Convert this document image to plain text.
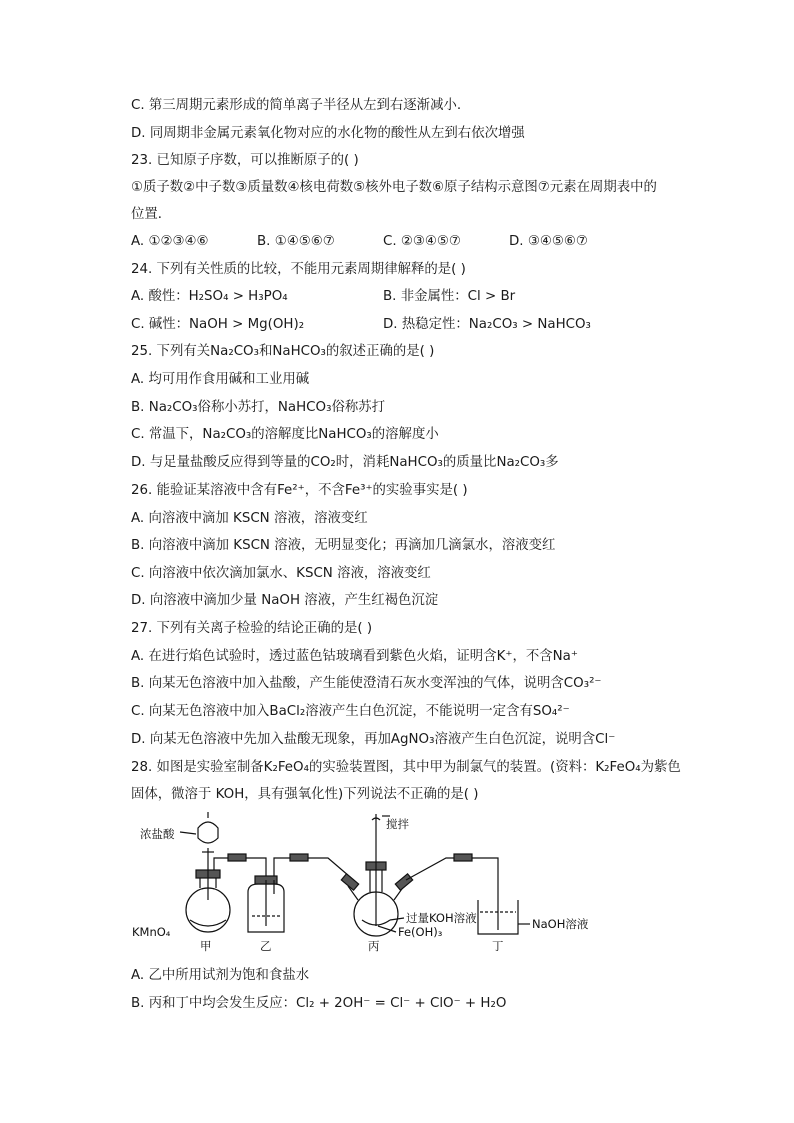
C. 第三周期元素形成的简单离子半径从左到右逐渐减小.
D. 同周期非金属元素氧化物对应的水化物的酸性从左到右依次增强
23. 已知原子序数，可以推断原子的( )
①质子数②中子数③质量数④核电荷数⑤核外电子数⑥原子结构示意图⑦元素在周期表中的
位置．
A. ①②③④⑥	B. ①④⑤⑥⑦	C. ②③④⑤⑦	D. ③④⑤⑥⑦
24. 下列有关性质的比较，不能用元素周期律解释的是( )
A. 酸性：H₂SO₄ > H₃PO₄	B. 非金属性：Cl > Br
C. 碱性：NaOH > Mg(OH)₂	D. 热稳定性：Na₂CO₃ > NaHCO₃
25. 下列有关Na₂CO₃和NaHCO₃的叙述正确的是( )
A. 均可用作食用碱和工业用碱
B. Na₂CO₃俗称小苏打，NaHCO₃俗称苏打
C. 常温下，Na₂CO₃的溶解度比NaHCO₃的溶解度小
D. 与足量盐酸反应得到等量的CO₂时，消耗NaHCO₃的质量比Na₂CO₃多
26. 能验证某溶液中含有Fe²⁺，不含Fe³⁺的实验事实是( )
A. 向溶液中滴加 KSCN 溶液，溶液变红
B. 向溶液中滴加 KSCN 溶液，无明显变化；再滴加几滴氯水，溶液变红
C. 向溶液中依次滴加氯水、KSCN 溶液，溶液变红
D. 向溶液中滴加少量 NaOH 溶液，产生红褐色沉淀
27. 下列有关离子检验的结论正确的是( )
A. 在进行焰色试验时，透过蓝色钴玻璃看到紫色火焰，证明含K⁺，不含Na⁺
B. 向某无色溶液中加入盐酸，产生能使澄清石灰水变浑浊的气体，说明含CO₃²⁻
C. 向某无色溶液中加入BaCl₂溶液产生白色沉淀，不能说明一定含有SO₄²⁻
D. 向某无色溶液中先加入盐酸无现象，再加AgNO₃溶液产生白色沉淀，说明含Cl⁻
28. 如图是实验室制备K₂FeO₄的实验装置图，其中甲为制氯气的装置。(资料：K₂FeO₄为紫色
固体，微溶于 KOH，具有强氧化性)下列说法不正确的是( )
浓盐酸
搅拌
KMnO₄
甲	乙	丙	丁
过量KOH溶液
Fe(OH)₃
NaOH溶液
A. 乙中所用试剂为饱和食盐水
B. 丙和丁中均会发生反应：Cl₂ + 2OH⁻ = Cl⁻ + ClO⁻ + H₂O
